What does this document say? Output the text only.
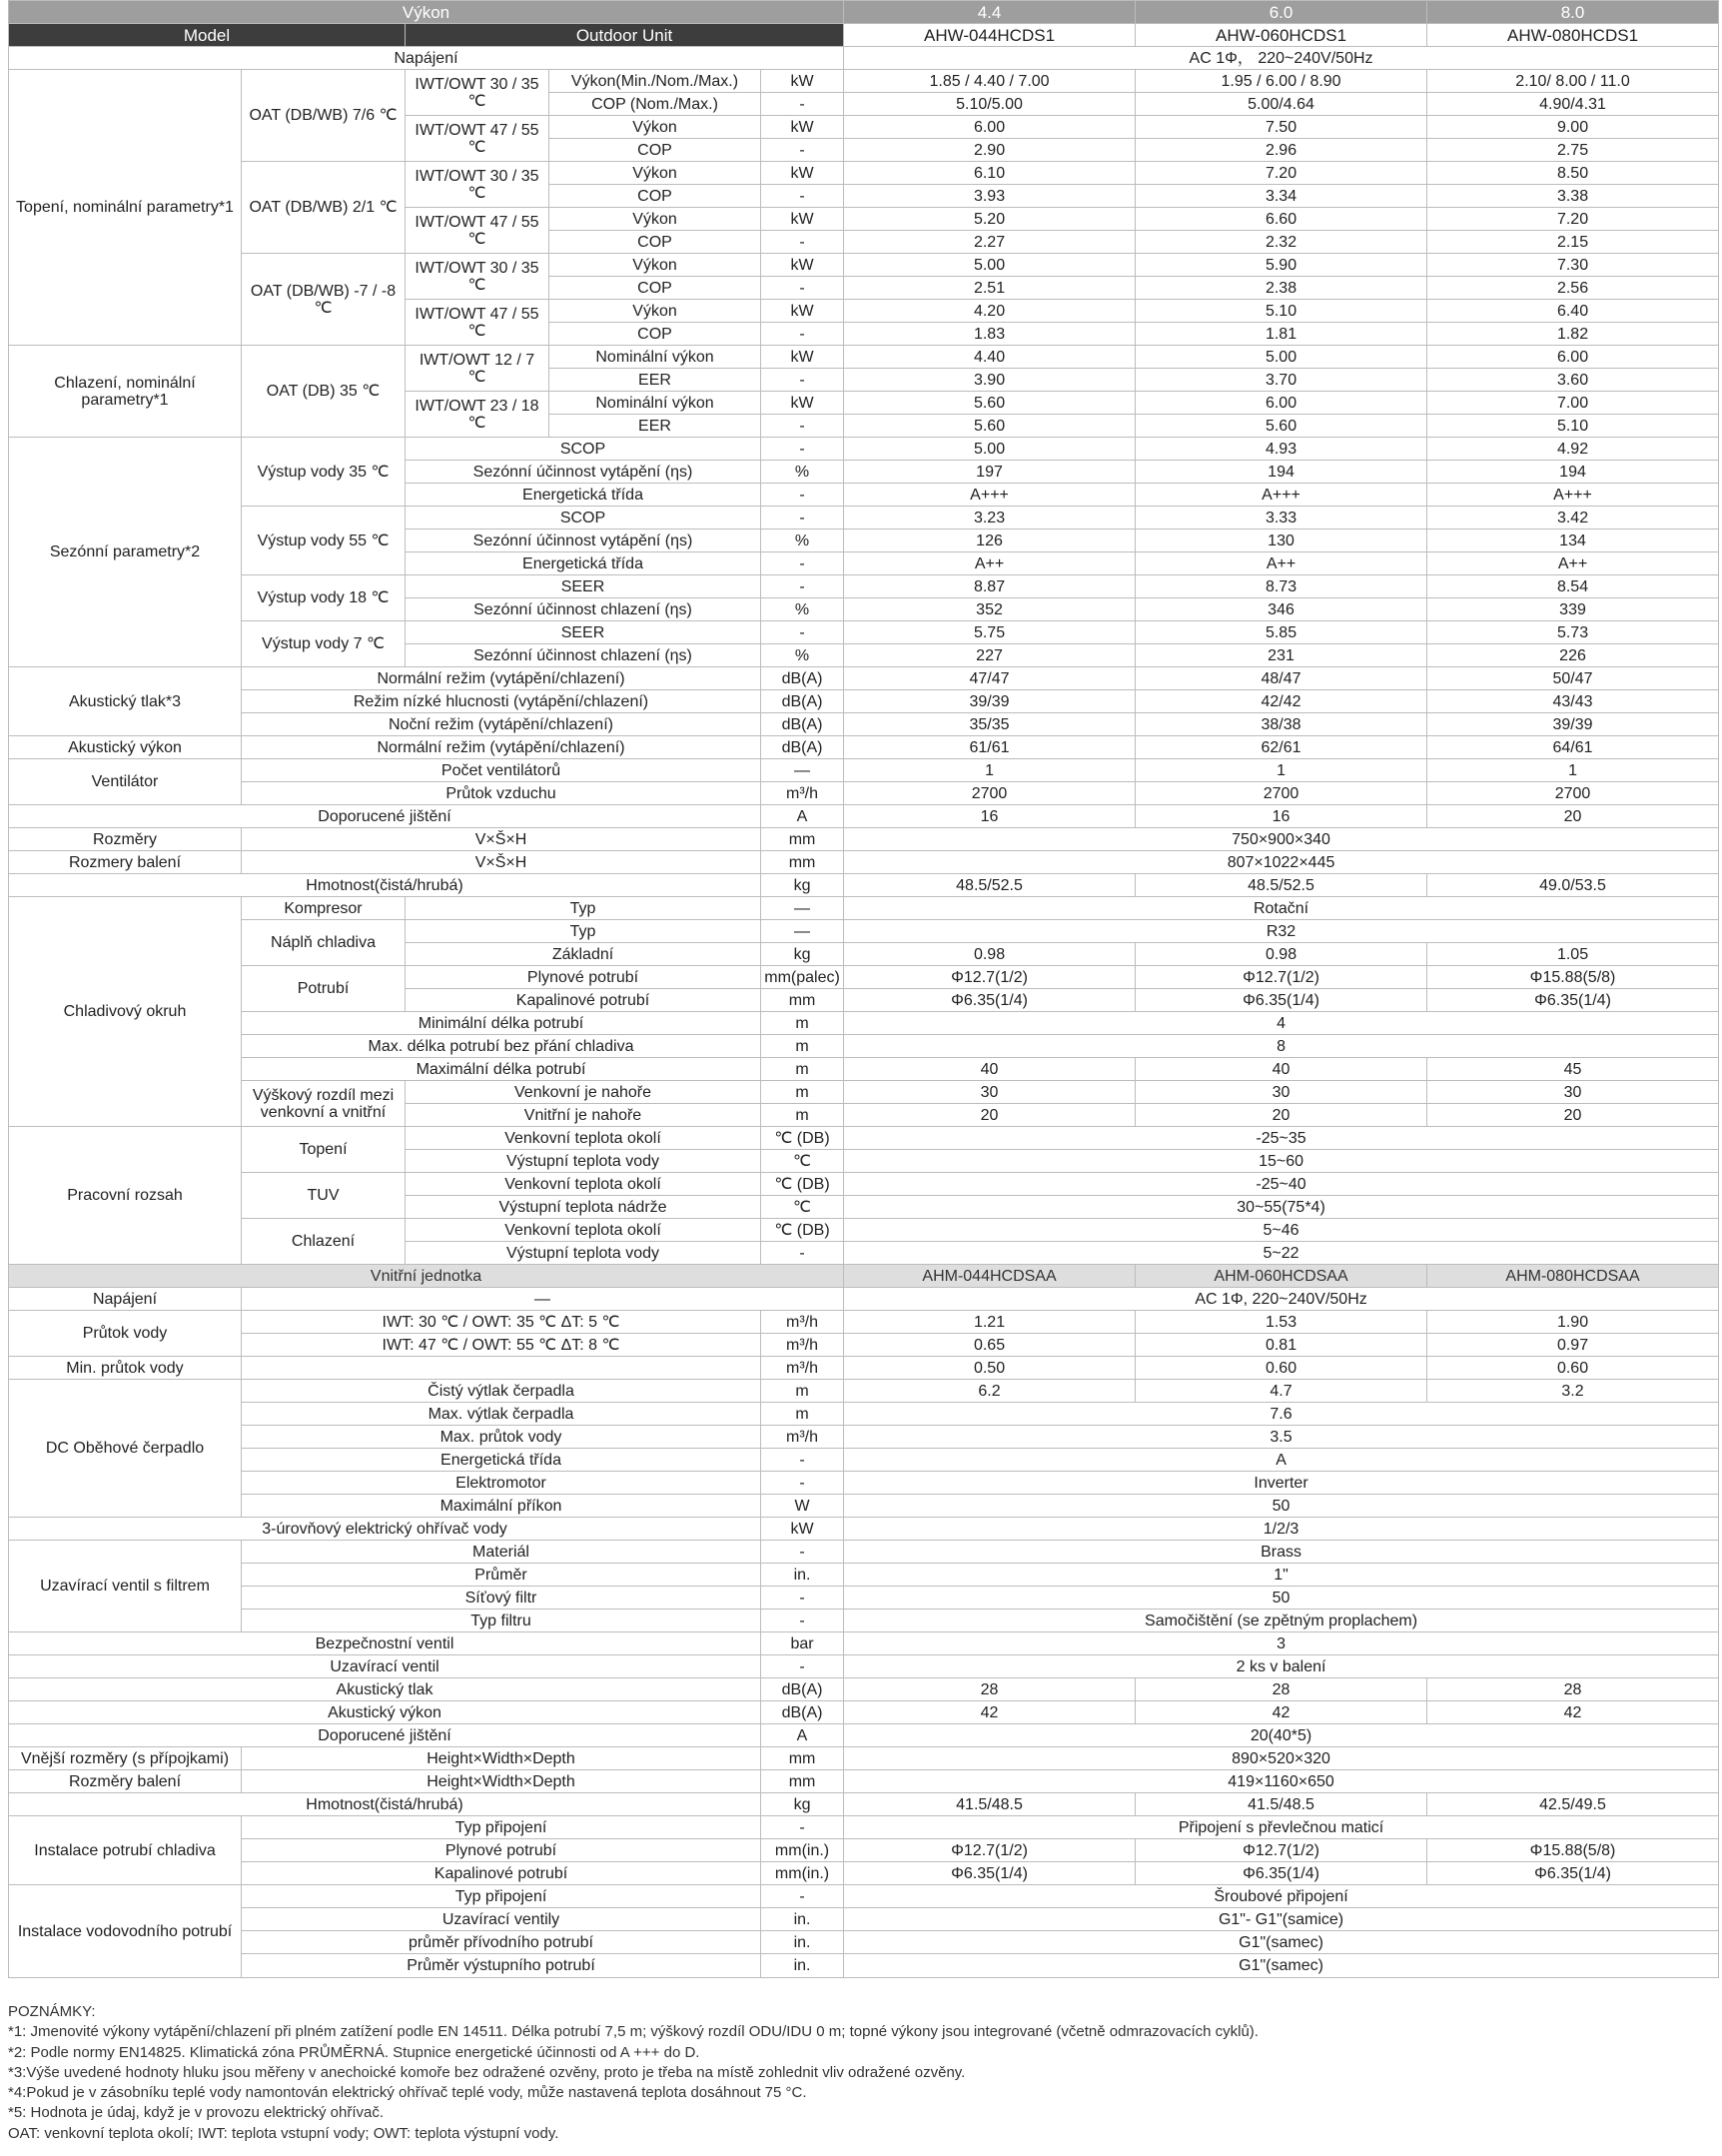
Výkon					4.4	6.0	8.0
Model		Outdoor Unit			AHW-044HCDS1	AHW-060HCDS1	AHW-080HCDS1
Napájení					AC 1Φ， 220~240V/50Hz		
Topení, nominální parametry*1	OAT (DB/WB) 7/6 ℃	IWT/OWT 30 / 35 ℃	Výkon(Min./Nom./Max.)	kW	1.85 / 4.40 / 7.00	1.95 / 6.00 / 8.90	2.10/ 8.00 / 11.0
			COP (Nom./Max.)	-	5.10/5.00	5.00/4.64	4.90/4.31
		IWT/OWT 47 / 55 ℃	Výkon	kW	6.00	7.50	9.00
			COP	-	2.90	2.96	2.75
	OAT (DB/WB) 2/1 ℃	IWT/OWT 30 / 35 ℃	Výkon	kW	6.10	7.20	8.50
			COP	-	3.93	3.34	3.38
		IWT/OWT 47 / 55 ℃	Výkon	kW	5.20	6.60	7.20
			COP	-	2.27	2.32	2.15
	OAT (DB/WB) -7 / -8 ℃	IWT/OWT 30 / 35 ℃	Výkon	kW	5.00	5.90	7.30
			COP	-	2.51	2.38	2.56
		IWT/OWT 47 / 55 ℃	Výkon	kW	4.20	5.10	6.40
			COP	-	1.83	1.81	1.82
Chlazení, nominální parametry*1	OAT (DB) 35 ℃	IWT/OWT 12 / 7 ℃	Nominální výkon	kW	4.40	5.00	6.00
			EER	-	3.90	3.70	3.60
		IWT/OWT 23 / 18 ℃	Nominální výkon	kW	5.60	6.00	7.00
			EER	-	5.60	5.60	5.10
Sezónní parametry*2	Výstup vody 35 ℃	SCOP		-	5.00	4.93	4.92
		Sezónní účinnost vytápění (ηs)		%	197	194	194
		Energetická třída		-	A+++	A+++	A+++
	Výstup vody 55 ℃	SCOP		-	3.23	3.33	3.42
		Sezónní účinnost vytápění (ηs)		%	126	130	134
		Energetická třída		-	A++	A++	A++
	Výstup vody 18 ℃	SEER		-	8.87	8.73	8.54
		Sezónní účinnost chlazení (ηs)		%	352	346	339
	Výstup vody 7 ℃	SEER		-	5.75	5.85	5.73
		Sezónní účinnost chlazení (ηs)		%	227	231	226
Akustický tlak*3	Normální režim (vytápění/chlazení)			dB(A)	47/47	48/47	50/47
	Režim nízké hlucnosti (vytápění/chlazení)			dB(A)	39/39	42/42	43/43
	Noční režim (vytápění/chlazení)			dB(A)	35/35	38/38	39/39
Akustický výkon	Normální režim (vytápění/chlazení)			dB(A)	61/61	62/61	64/61
Ventilátor	Počet ventilátorů			—	1	1	1
	Průtok vzduchu			m³/h	2700	2700	2700
Doporucené jištění				A	16	16	20
Rozměry	V×Š×H			mm	750×900×340		
Rozmery balení	V×Š×H			mm	807×1022×445		
Hmotnost(čistá/hrubá)				kg	48.5/52.5	48.5/52.5	49.0/53.5
Chladivový okruh	Kompresor	Typ		—	Rotační		
	Náplň chladiva	Typ		—	R32		
		Základní		kg	0.98	0.98	1.05
	Potrubí	Plynové potrubí		mm(palec)	Φ12.7(1/2)	Φ12.7(1/2)	Φ15.88(5/8)
		Kapalinové potrubí		mm	Φ6.35(1/4)	Φ6.35(1/4)	Φ6.35(1/4)
	Minimální délka potrubí			m	4		
	Max. délka potrubí bez přání chladiva			m	8		
	Maximální délka potrubí			m	40	40	45
	Výškový rozdíl mezi venkovní a vnitřní	Venkovní je nahoře		m	30	30	30
		Vnitřní je nahoře		m	20	20	20
Pracovní rozsah	Topení	Venkovní teplota okolí		℃ (DB)	-25~35		
		Výstupní teplota vody		℃	15~60		
	TUV	Venkovní teplota okolí		℃ (DB)	-25~40		
		Výstupní teplota nádrže		℃	30~55(75*4)		
	Chlazení	Venkovní teplota okolí		℃ (DB)	5~46		
		Výstupní teplota vody		-	5~22		
Vnitřní jednotka					AHM-044HCDSAA	AHM-060HCDSAA	AHM-080HCDSAA
Napájení	—				AC 1Φ, 220~240V/50Hz		
Průtok vody	IWT: 30 ℃ / OWT: 35 ℃ ΔT: 5 ℃			m³/h	1.21	1.53	1.90
	IWT: 47 ℃ / OWT: 55 ℃ ΔT: 8 ℃			m³/h	0.65	0.81	0.97
Min. průtok vody				m³/h	0.50	0.60	0.60
DC Oběhové čerpadlo	Čistý výtlak čerpadla			m	6.2	4.7	3.2
	Max. výtlak čerpadla			m	7.6		
	Max. průtok vody			m³/h	3.5		
	Energetická třída			-	A		
	Elektromotor			-	Inverter		
	Maximální příkon			W	50		
3-úrovňový elektrický ohřívač vody				kW	1/2/3		
Uzavírací ventil s filtrem	Materiál			-	Brass		
	Průměr			in.	1"		
	Síťový filtr			-	50		
	Typ filtru			-	Samočištění (se zpětným proplachem)		
Bezpečnostní ventil				bar	3		
Uzavírací ventil				-	2 ks v balení		
Akustický tlak				dB(A)	28	28	28
Akustický výkon				dB(A)	42	42	42
Doporucené jištění				A	20(40*5)		
Vnější rozměry (s přípojkami)	Height×Width×Depth			mm	890×520×320		
Rozměry balení	Height×Width×Depth			mm	419×1160×650		
Hmotnost(čistá/hrubá)				kg	41.5/48.5	41.5/48.5	42.5/49.5
Instalace potrubí chladiva	Typ připojení			-	Připojení s převlečnou maticí		
	Plynové potrubí			mm(in.)	Φ12.7(1/2)	Φ12.7(1/2)	Φ15.88(5/8)
	Kapalinové potrubí			mm(in.)	Φ6.35(1/4)	Φ6.35(1/4)	Φ6.35(1/4)
Instalace vodovodního potrubí	Typ připojení			-	Šroubové připojení		
	Uzavírací ventily			in.	G1"- G1"(samice)		
	průměr přívodního potrubí			in.	G1"(samec)		
	Průměr výstupního potrubí			in.	G1"(samec)		

POZNÁMKY:

*1: Jmenovité výkony vytápění/chlazení při plném zatížení podle EN 14511. Délka potrubí 7,5 m; výškový rozdíl ODU/IDU 0 m; topné výkony jsou integrované (včetně odmrazovacích cyklů).

*2: Podle normy EN14825. Klimatická zóna PRŮMĚRNÁ. Stupnice energetické účinnosti od A +++ do D.

*3:Výše uvedené hodnoty hluku jsou měřeny v anechoické komoře bez odražené ozvěny, proto je třeba na místě zohlednit vliv odražené ozvěny.

*4:Pokud je v zásobníku teplé vody namontován elektrický ohřívač teplé vody, může nastavená teplota dosáhnout 75 °C.

*5: Hodnota je údaj, když je v provozu elektrický ohřívač.

OAT: venkovní teplota okolí; IWT: teplota vstupní vody; OWT: teplota výstupní vody.
